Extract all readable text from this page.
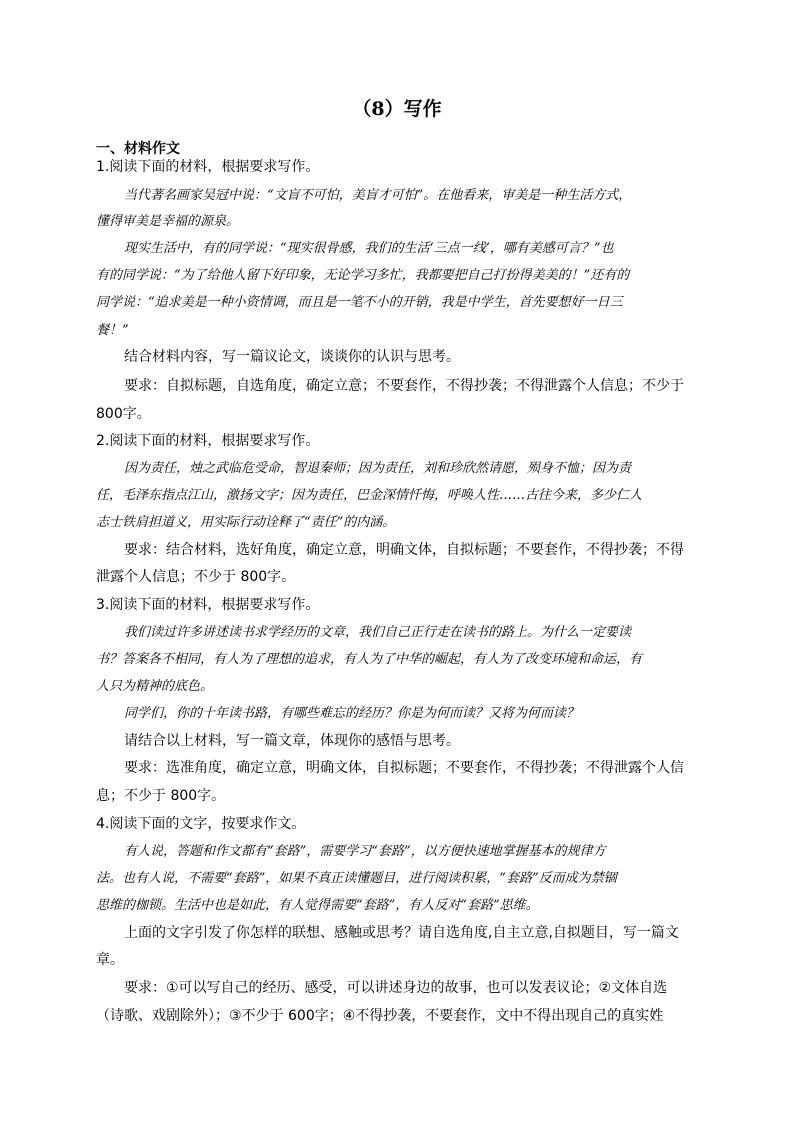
（8）写作
一、材料作文
1.阅读下面的材料，根据要求写作。
当代著名画家吴冠中说：“文盲不可怕，美盲才可怕”。在他看来，审美是一种生活方式，
懂得审美是幸福的源泉。
现实生活中，有的同学说：“现实很骨感，我们的生活‘三点一线’，哪有美感可言？”也
有的同学说：“为了给他人留下好印象，无论学习多忙，我都要把自己打扮得美美的！”还有的
同学说：“追求美是一种小资情调，而且是一笔不小的开销，我是中学生，首先要想好一日三
餐！”
结合材料内容，写一篇议论文，谈谈你的认识与思考。
要求：自拟标题，自选角度，确定立意；不要套作，不得抄袭；不得泄露个人信息；不少于
800字。
2.阅读下面的材料，根据要求写作。
因为责任，烛之武临危受命，智退秦师；因为责任，刘和珍欣然请愿，殒身不恤；因为责
任，毛泽东指点江山，激扬文字；因为责任，巴金深情忏悔，呼唤人性……古往今来，多少仁人
志士铁肩担道义，用实际行动诠释了“责任”的内涵。
要求：结合材料，选好角度，确定立意，明确文体，自拟标题；不要套作，不得抄袭；不得
泄露个人信息；不少于 800字。
3.阅读下面的材料，根据要求写作。
我们读过许多讲述读书求学经历的文章，我们自己正行走在读书的路上。为什么一定要读
书？答案各不相同，有人为了理想的追求，有人为了中华的崛起，有人为了改变环境和命运，有
人只为精神的底色。
同学们，你的十年读书路，有哪些难忘的经历？你是为何而读？又将为何而读？
请结合以上材料，写一篇文章，体现你的感悟与思考。
要求：选准角度，确定立意，明确文体，自拟标题；不要套作，不得抄袭；不得泄露个人信
息；不少于 800字。
4.阅读下面的文字，按要求作文。
有人说，答题和作文都有“套路”，需要学习“套路”，以方便快速地掌握基本的规律方
法。也有人说，不需要“套路”，如果不真正读懂题目，进行阅读积累，“套路”反而成为禁锢
思维的枷锁。生活中也是如此，有人觉得需要“套路”，有人反对“套路”思维。
上面的文字引发了你怎样的联想、感触或思考？请自选角度,自主立意,自拟题目，写一篇文
章。
要求：①可以写自己的经历、感受，可以讲述身边的故事，也可以发表议论；②文体自选
（诗歌、戏剧除外）；③不少于 600字；④不得抄袭，不要套作，文中不得出现自己的真实姓
